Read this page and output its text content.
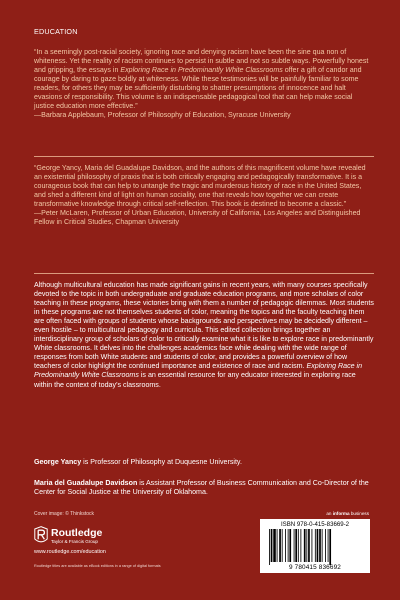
EDUCATION

“In a seemingly post-racial society, ignoring race and denying racism have been the sine qua non of whiteness. Yet the reality of racism continues to persist in subtle and not so subtle ways. Powerfully honest and gripping, the essays in Exploring Race in Predominantly White Classrooms offer a gift of candor and courage by daring to gaze boldly at whiteness. While these testimonies will be painfully familiar to some readers, for others they may be sufficiently disturbing to shatter presumptions of innocence and halt evasions of responsibility. This volume is an indispensable pedagogical tool that can help make social justice education more effective.”

—Barbara Applebaum, Professor of Philosophy of Education, Syracuse University

“George Yancy, Maria del Guadalupe Davidson, and the authors of this magnificent volume have revealed an existential philosophy of praxis that is both critically engaging and pedagogically transformative. It is a courageous book that can help to untangle the tragic and murderous history of race in the United States, and shed a different kind of light on human sociality, one that reveals how together we can create transformative knowledge through critical self-reflection. This book is destined to become a classic.”

—Peter McLaren, Professor of Urban Education, University of California, Los Angeles and Distinguished Fellow in Critical Studies, Chapman University

Although multicultural education has made significant gains in recent years, with many courses specifically devoted to the topic in both undergraduate and graduate education programs, and more scholars of color teaching in these programs, these victories bring with them a number of pedagogic dilemmas. Most students in these programs are not themselves students of color, meaning the topics and the faculty teaching them are often faced with groups of students whose backgrounds and perspectives may be decidedly different – even hostile – to multicultural pedagogy and curricula. This edited collection brings together an interdisciplinary group of scholars of color to critically examine what it is like to explore race in predominantly White classrooms. It delves into the challenges academics face while dealing with the wide range of responses from both White students and students of color, and provides a powerful overview of how teachers of color highlight the continued importance and existence of race and racism. Exploring Race in Predominantly White Classrooms is an essential resource for any educator interested in exploring race within the context of today’s classrooms.
George Yancy is Professor of Philosophy at Duquesne University.
Maria del Guadalupe Davidson is Assistant Professor of Business Communication and Co-Director of the Center for Social Justice at the University of Oklahoma.
Cover image: © Thinkstock	an informa business
Routledge
Taylor & Francis Group
www.routledge.com/education
Routledge titles are available as eBook editions in a range of digital formats
ISBN 978-0-415-83669-2
9 780415 836692
